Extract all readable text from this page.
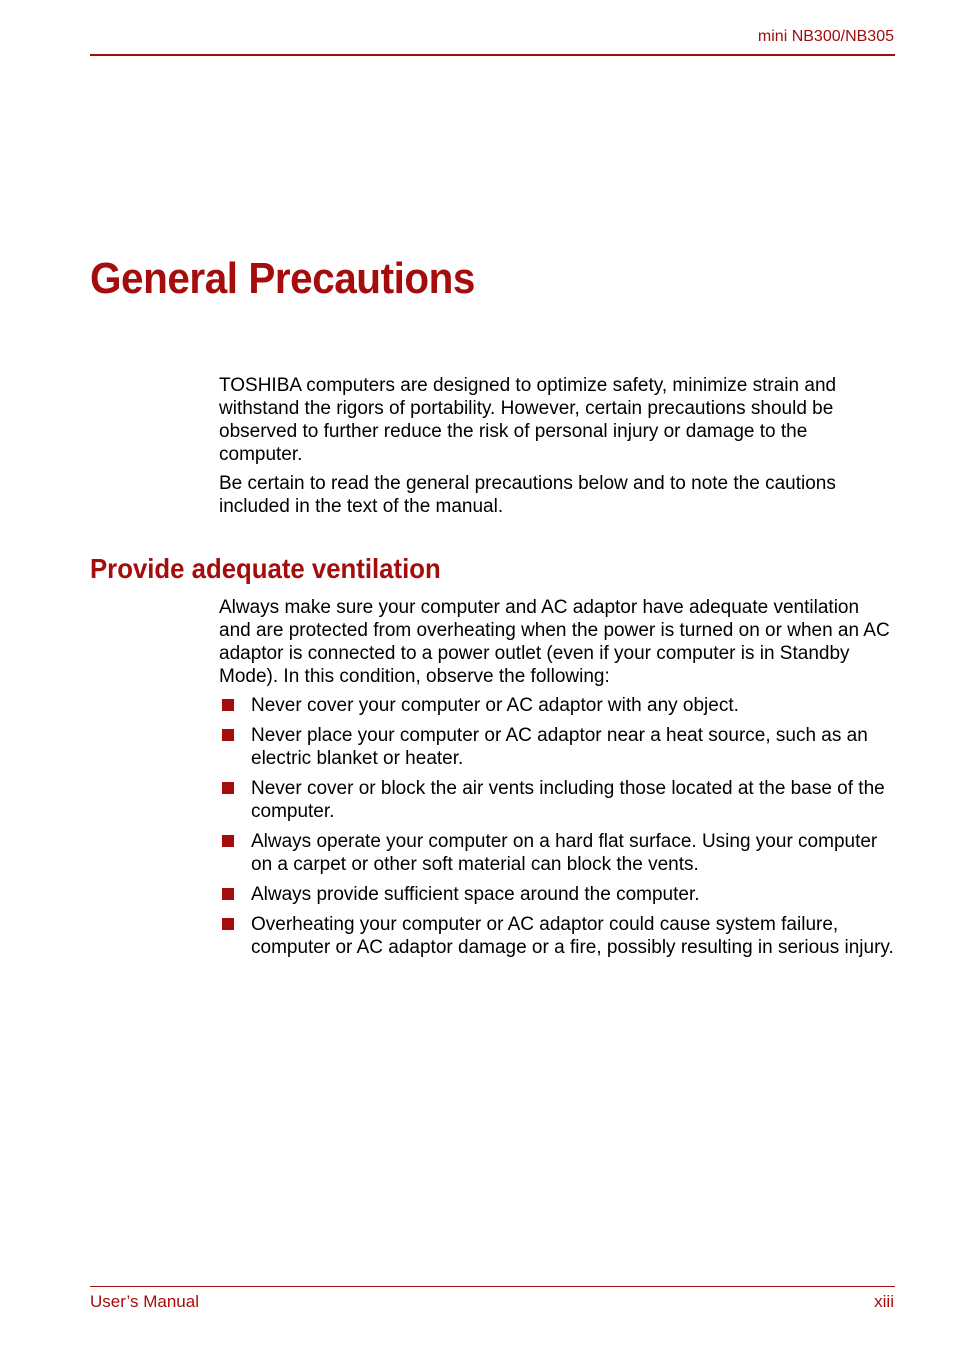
mini NB300/NB305
General Precautions

TOSHIBA computers are designed to optimize safety, minimize strain and withstand the rigors of portability. However, certain precautions should be observed to further reduce the risk of personal injury or damage to the computer.

Be certain to read the general precautions below and to note the cautions included in the text of the manual.

Provide adequate ventilation

Always make sure your computer and AC adaptor have adequate ventilation and are protected from overheating when the power is turned on or when an AC adaptor is connected to a power outlet (even if your computer is in Standby Mode). In this condition, observe the following:

Never cover your computer or AC adaptor with any object.
Never place your computer or AC adaptor near a heat source, such as an electric blanket or heater.
Never cover or block the air vents including those located at the base of the computer.
Always operate your computer on a hard flat surface. Using your computer on a carpet or other soft material can block the vents.
Always provide sufficient space around the computer.
Overheating your computer or AC adaptor could cause system failure, computer or AC adaptor damage or a fire, possibly resulting in serious injury.
User’s Manual	xiii
